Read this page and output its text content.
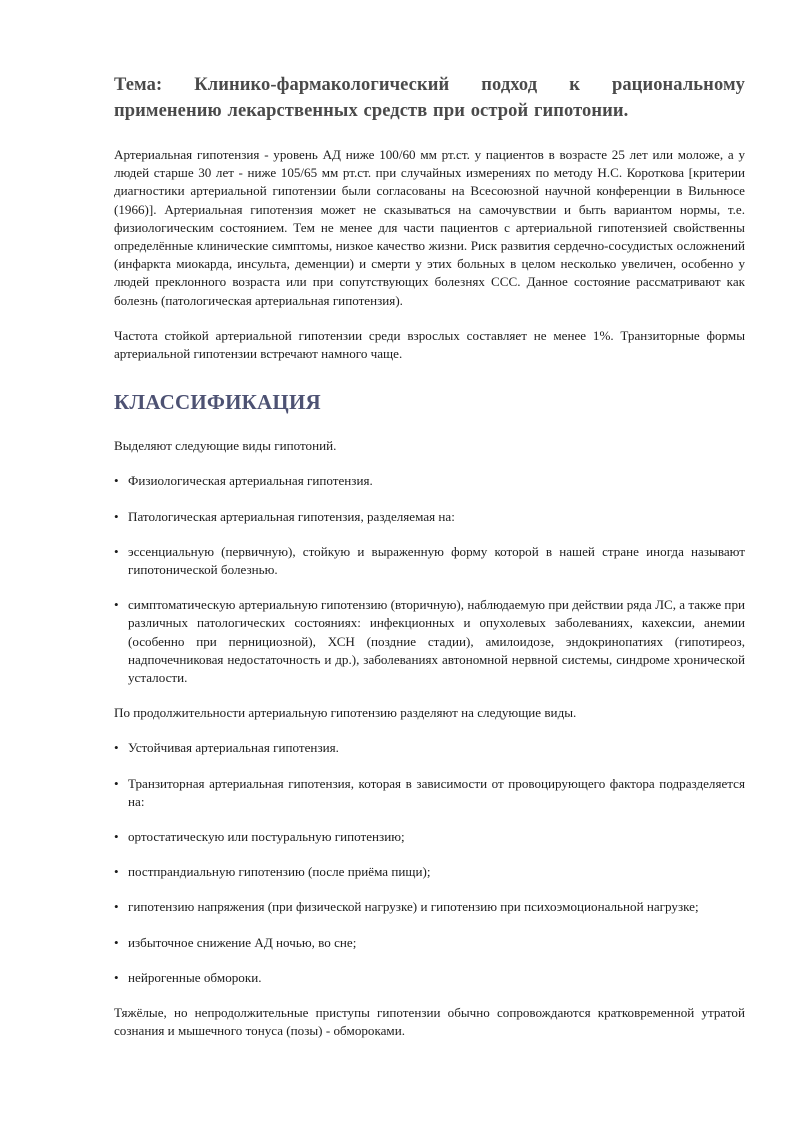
Тема: Клинико-фармакологический подход к рациональному применению лекарственных средств при острой гипотонии.

Артериальная гипотензия - уровень АД ниже 100/60 мм рт.ст. у пациентов в возрасте 25 лет или моложе, а у людей старше 30 лет - ниже 105/65 мм рт.ст. при случайных измерениях по методу Н.С. Короткова [критерии диагностики артериальной гипотензии были согласованы на Всесоюзной научной конференции в Вильнюсе (1966)]. Артериальная гипотензия может не сказываться на самочувствии и быть вариантом нормы, т.е. физиологическим состоянием. Тем не менее для части пациентов с артериальной гипотензией свойственны определённые клинические симптомы, низкое качество жизни. Риск развития сердечно-сосудистых осложнений (инфаркта миокарда, инсульта, деменции) и смерти у этих больных в целом несколько увеличен, особенно у людей преклонного возраста или при сопутствующих болезнях ССС. Данное состояние рассматривают как болезнь (патологическая артериальная гипотензия).

Частота стойкой артериальной гипотензии среди взрослых составляет не менее 1%. Транзиторные формы артериальной гипотензии встречают намного чаще.

КЛАССИФИКАЦИЯ

Выделяют следующие виды гипотоний.

• Физиологическая артериальная гипотензия.
• Патологическая артериальная гипотензия, разделяемая на:
• эссенциальную (первичную), стойкую и выраженную форму которой в нашей стране иногда называют гипотонической болезнью.
• симптоматическую артериальную гипотензию (вторичную), наблюдаемую при действии ряда ЛС, а также при различных патологических состояниях: инфекционных и опухолевых заболеваниях, кахексии, анемии (особенно при пернициозной), ХСН (поздние стадии), амилоидозе, эндокринопатиях (гипотиреоз, надпочечниковая недостаточность и др.), заболеваниях автономной нервной системы, синдроме хронической усталости.

По продолжительности артериальную гипотензию разделяют на следующие виды.

• Устойчивая артериальная гипотензия.
• Транзиторная артериальная гипотензия, которая в зависимости от провоцирующего фактора подразделяется на:
• ортостатическую или постуральную гипотензию;
• постпрандиальную гипотензию (после приёма пищи);
• гипотензию напряжения (при физической нагрузке) и гипотензию при психоэмоциональной нагрузке;
• избыточное снижение АД ночью, во сне;
• нейрогенные обмороки.

Тяжёлые, но непродолжительные приступы гипотензии обычно сопровождаются кратковременной утратой сознания и мышечного тонуса (позы) - обмороками.
